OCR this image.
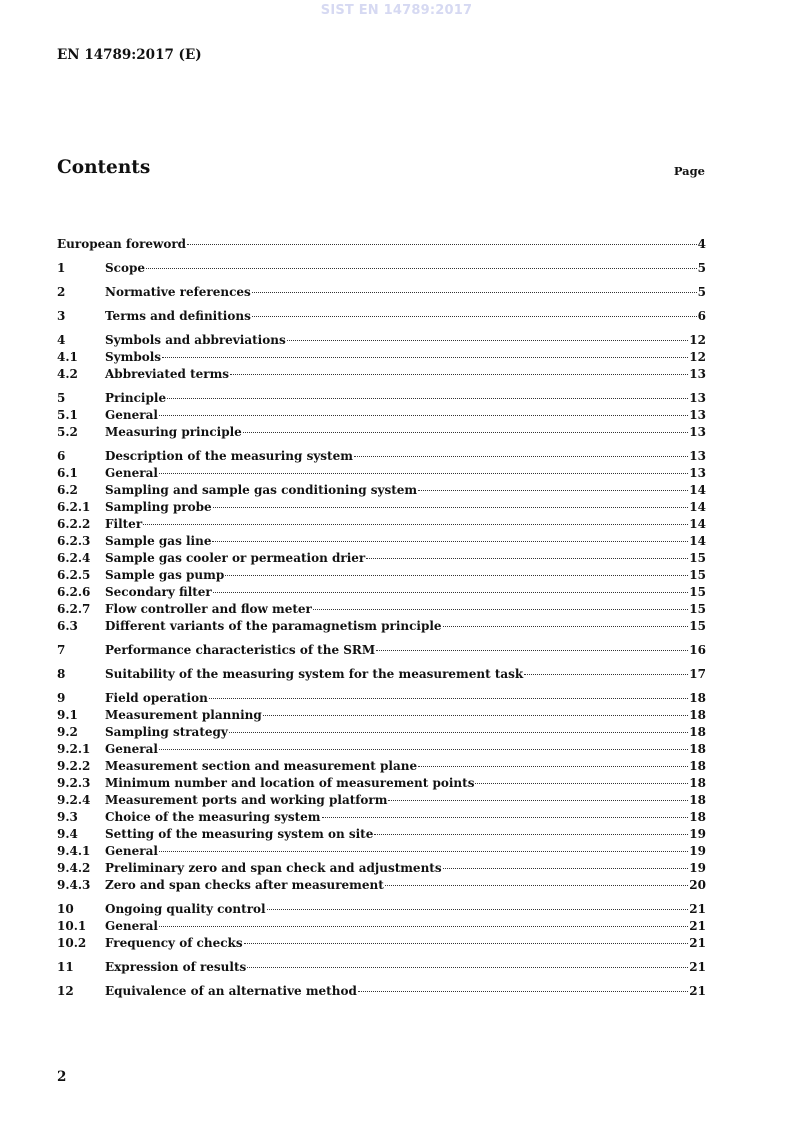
SIST EN 14789:2017
EN 14789:2017 (E)
Contents	Page
European foreword	4
1	Scope	5
2	Normative references	5
3	Terms and definitions	6
4	Symbols and abbreviations	12
4.1	Symbols	12
4.2	Abbreviated terms	13
5	Principle	13
5.1	General	13
5.2	Measuring principle	13
6	Description of the measuring system	13
6.1	General	13
6.2	Sampling and sample gas conditioning system	14
6.2.1	Sampling probe	14
6.2.2	Filter	14
6.2.3	Sample gas line	14
6.2.4	Sample gas cooler or permeation drier	15
6.2.5	Sample gas pump	15
6.2.6	Secondary filter	15
6.2.7	Flow controller and flow meter	15
6.3	Different variants of the paramagnetism principle	15
7	Performance characteristics of the SRM	16
8	Suitability of the measuring system for the measurement task	17
9	Field operation	18
9.1	Measurement planning	18
9.2	Sampling strategy	18
9.2.1	General	18
9.2.2	Measurement section and measurement plane	18
9.2.3	Minimum number and location of measurement points	18
9.2.4	Measurement ports and working platform	18
9.3	Choice of the measuring system	18
9.4	Setting of the measuring system on site	19
9.4.1	General	19
9.4.2	Preliminary zero and span check and adjustments	19
9.4.3	Zero and span checks after measurement	20
10	Ongoing quality control	21
10.1	General	21
10.2	Frequency of checks	21
11	Expression of results	21
12	Equivalence of an alternative method	21
2
